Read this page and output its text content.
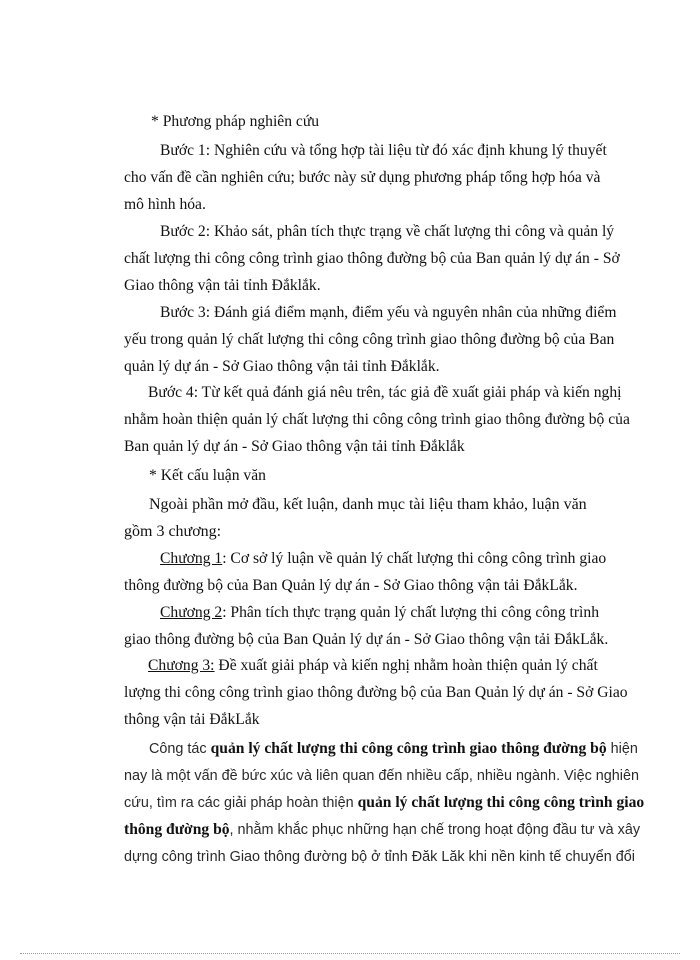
* Phương pháp nghiên cứu
Bước 1: Nghiên cứu và tổng hợp tài liệu từ đó xác định khung lý thuyết
cho vấn đề cần nghiên cứu; bước này sử dụng phương pháp tổng hợp hóa và
mô hình hóa.
Bước 2: Khảo sát, phân tích thực trạng về chất lượng thi công và quản lý
chất lượng thi công công trình giao thông đường bộ của Ban quản lý dự án - Sở
Giao thông vận tải tỉnh Đắklắk.
Bước 3: Đánh giá điểm mạnh, điểm yếu và nguyên nhân của những điểm
yếu trong quản lý chất lượng thi công công trình giao thông đường bộ của Ban
quản lý dự án - Sở Giao thông vận tải tỉnh Đắklắk.
Bước 4: Từ kết quả đánh giá nêu trên, tác giả đề xuất giải pháp và kiến nghị
nhằm hoàn thiện quản lý chất lượng thi công công trình giao thông đường bộ của
Ban quản lý dự án - Sở Giao thông vận tải tỉnh Đắklắk
* Kết cấu luận văn
Ngoài phần mở đầu, kết luận, danh mục tài liệu tham khảo, luận văn
gồm 3 chương:
Chương 1: Cơ sở lý luận về quản lý chất lượng thi công công trình giao
thông đường bộ của Ban Quản lý dự án - Sở Giao thông vận tải ĐắkLắk.
Chương 2: Phân tích thực trạng quản lý chất lượng thi công công trình
giao thông đường bộ của Ban Quản lý dự án - Sở Giao thông vận tải ĐắkLắk.
Chương 3: Đề xuất giải pháp và kiến nghị nhằm hoàn thiện quản lý chất
lượng thi công công trình giao thông đường bộ của Ban Quản lý dự án - Sở Giao
thông vận tải ĐắkLắk
Công tác quản lý chất lượng thi công công trình giao thông đường bộ hiện
nay là một vấn đề bức xúc và liên quan đến nhiều cấp, nhiều ngành. Việc nghiên
cứu, tìm ra các giải pháp hoàn thiện quản lý chất lượng thi công công trình giao
thông đường bộ, nhằm khắc phục những hạn chế trong hoạt động đầu tư và xây
dựng công trình Giao thông đường bộ ở tỉnh Đăk Lăk khi nền kinh tế chuyển đổi
